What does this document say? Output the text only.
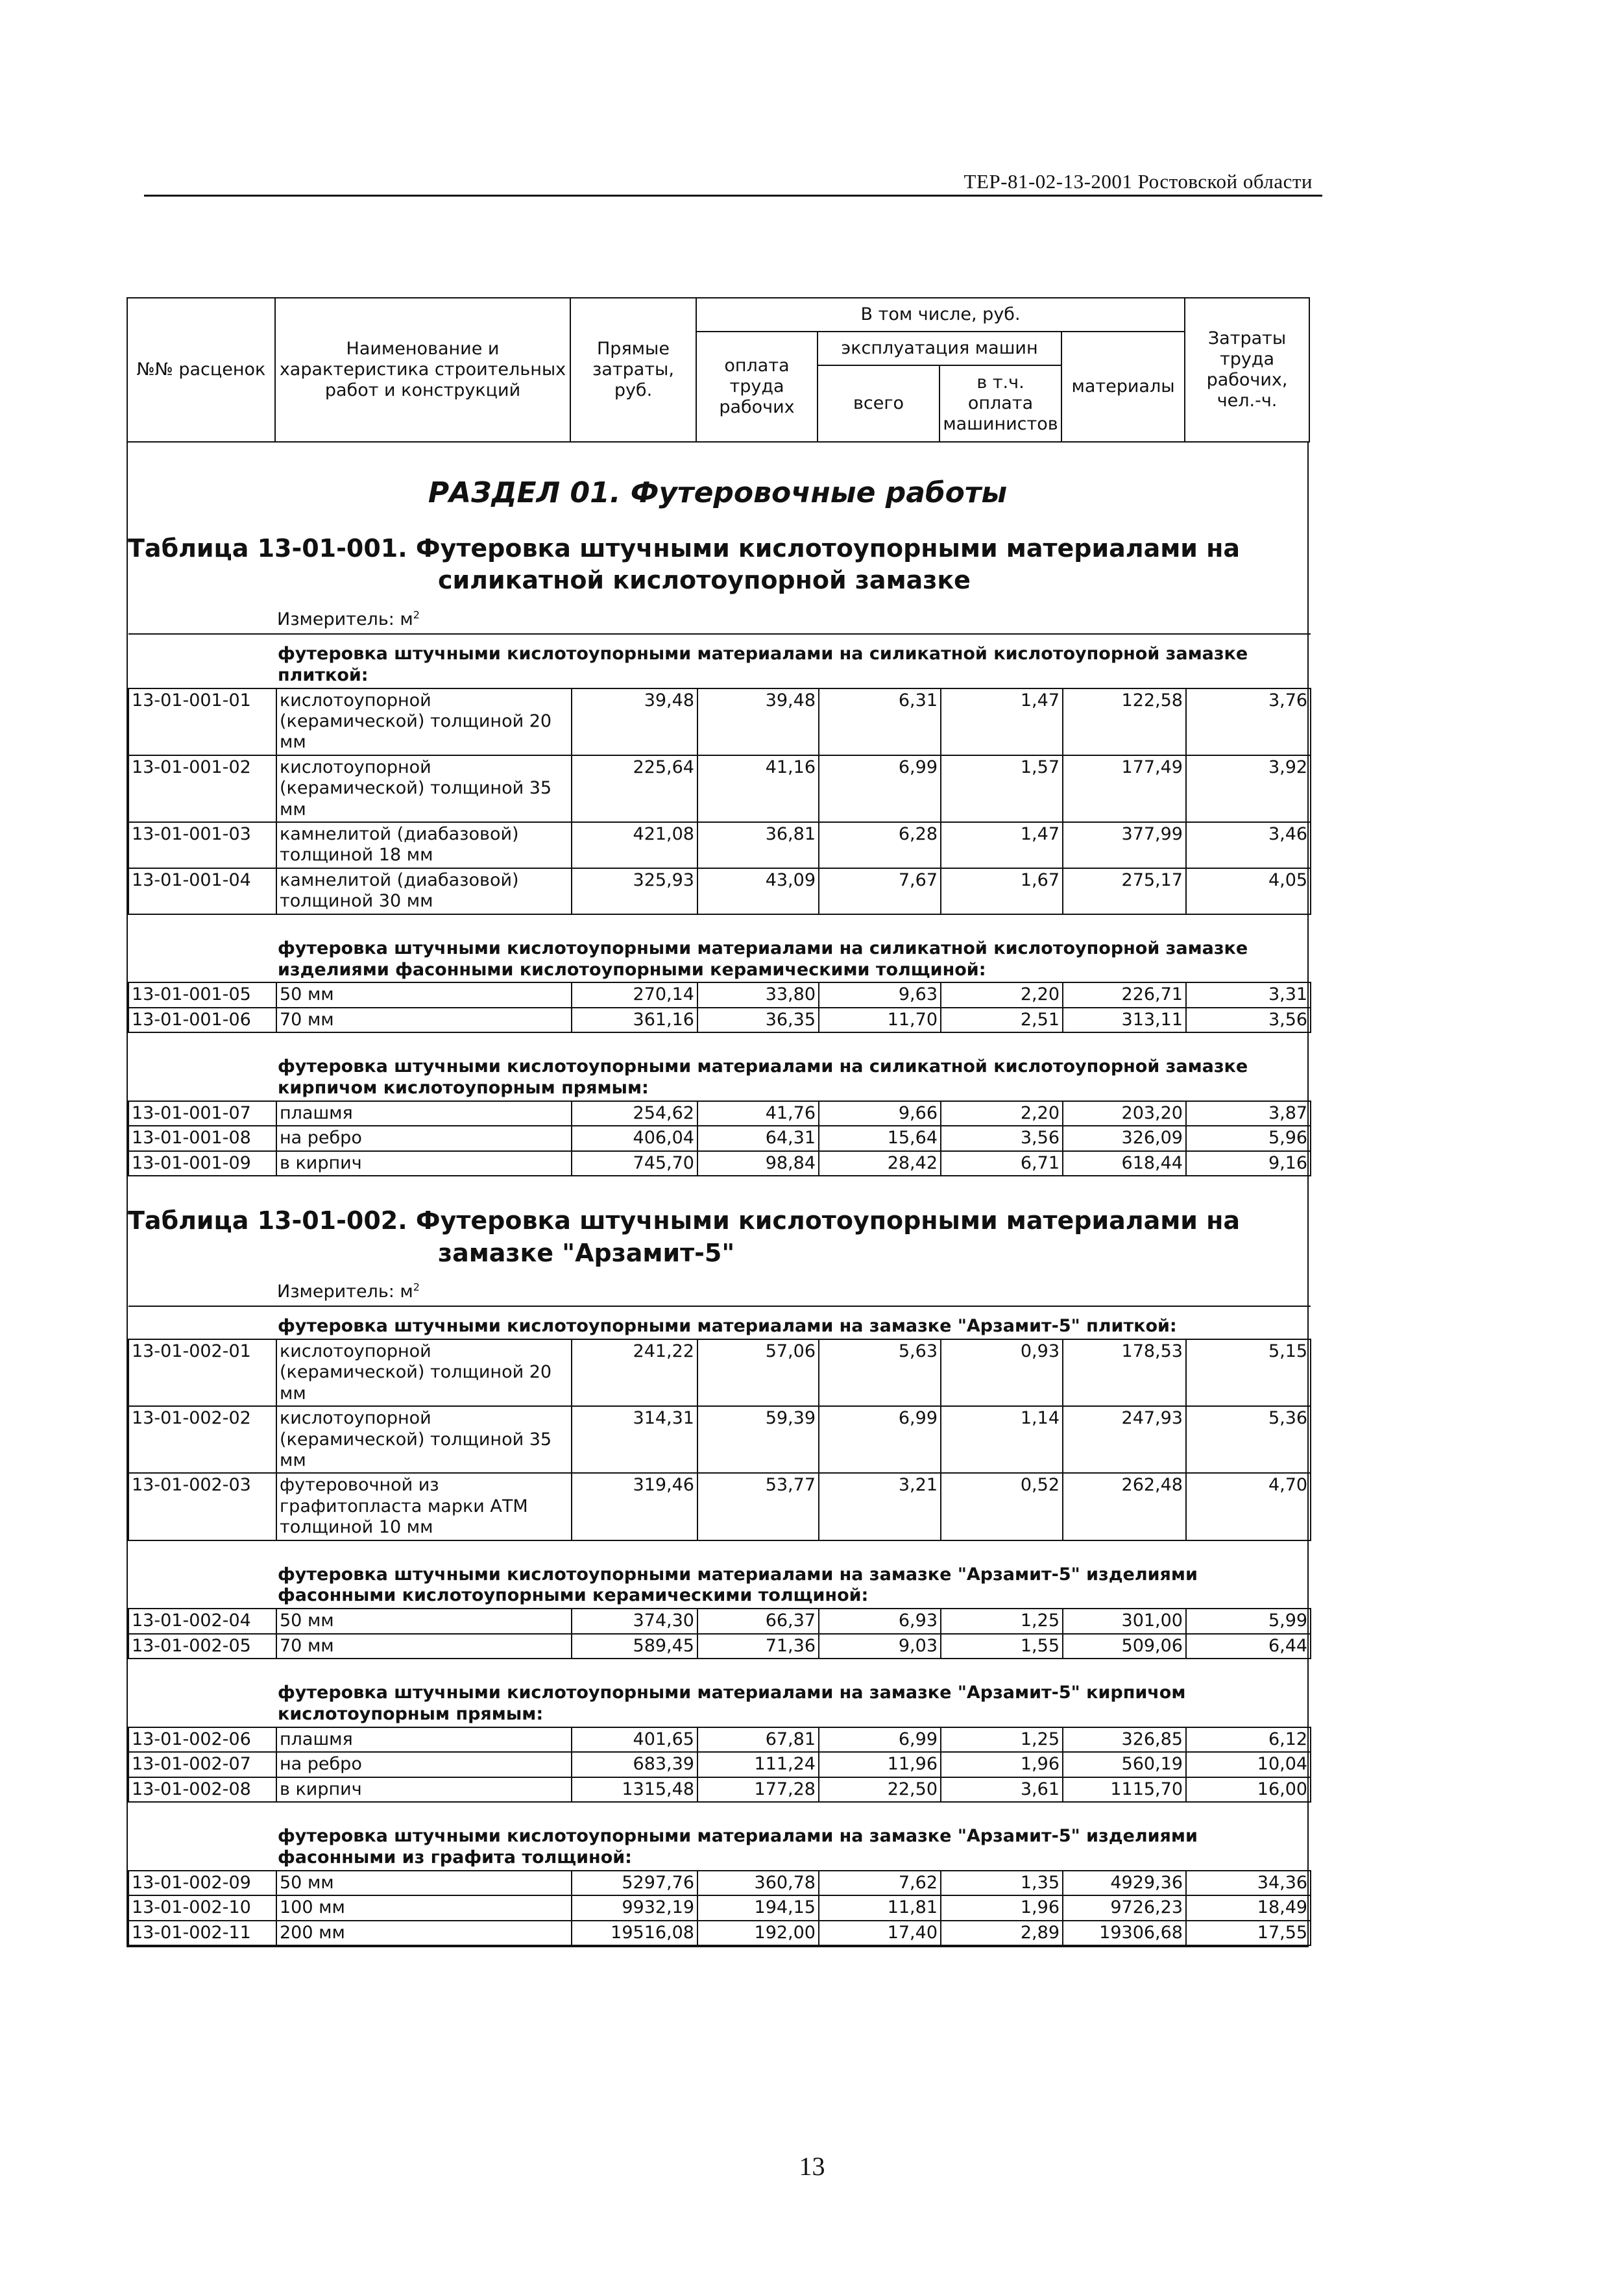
ТЕР-81-02-13-2001 Ростовской области
№№ расценок	Наименование и характеристика строительных работ и конструкций	Прямые затраты, руб.	В том числе, руб.				Затраты труда рабочих, чел.-ч.
			оплата труда рабочих	эксплуатация машин		материалы	
				всего	в т.ч. оплата машинистов		
РАЗДЕЛ 01. Футеровочные работы
Таблица 13-01-001. Футеровка штучными кислотоупорными материалами на
силикатной кислотоупорной замазке
Измеритель: $м^2$
футеровка штучными кислотоупорными материалами на силикатной кислотоупорной замазке плиткой:							
13-01-001-01	кислотоупорной (керамической) толщиной 20 мм	39,48	39,48	6,31	1,47	122,58	3,76
13-01-001-02	кислотоупорной (керамической) толщиной 35 мм	225,64	41,16	6,99	1,57	177,49	3,92
13-01-001-03	камнелитой (диабазовой) толщиной 18 мм	421,08	36,81	6,28	1,47	377,99	3,46
13-01-001-04	камнелитой (диабазовой) толщиной 30 мм	325,93	43,09	7,67	1,67	275,17	4,05
футеровка штучными кислотоупорными материалами на силикатной кислотоупорной замазке изделиями фасонными кислотоупорными керамическими толщиной:							
13-01-001-05	50 мм	270,14	33,80	9,63	2,20	226,71	3,31
13-01-001-06	70 мм	361,16	36,35	11,70	2,51	313,11	3,56
футеровка штучными кислотоупорными материалами на силикатной кислотоупорной замазке кирпичом кислотоупорным прямым:							
13-01-001-07	плашмя	254,62	41,76	9,66	2,20	203,20	3,87
13-01-001-08	на ребро	406,04	64,31	15,64	3,56	326,09	5,96
13-01-001-09	в кирпич	745,70	98,84	28,42	6,71	618,44	9,16
Таблица 13-01-002. Футеровка штучными кислотоупорными материалами на
замазке "Арзамит-5"
Измеритель: $м^2$
футеровка штучными кислотоупорными материалами на замазке "Арзамит-5" плиткой:							
13-01-002-01	кислотоупорной (керамической) толщиной 20 мм	241,22	57,06	5,63	0,93	178,53	5,15
13-01-002-02	кислотоупорной (керамической) толщиной 35 мм	314,31	59,39	6,99	1,14	247,93	5,36
13-01-002-03	футеровочной из графитопласта марки АТМ толщиной 10 мм	319,46	53,77	3,21	0,52	262,48	4,70
футеровка штучными кислотоупорными материалами на замазке "Арзамит-5" изделиями фасонными кислотоупорными керамическими толщиной:							
13-01-002-04	50 мм	374,30	66,37	6,93	1,25	301,00	5,99
13-01-002-05	70 мм	589,45	71,36	9,03	1,55	509,06	6,44
футеровка штучными кислотоупорными материалами на замазке "Арзамит-5" кирпичом кислотоупорным прямым:							
13-01-002-06	плашмя	401,65	67,81	6,99	1,25	326,85	6,12
13-01-002-07	на ребро	683,39	111,24	11,96	1,96	560,19	10,04
13-01-002-08	в кирпич	1315,48	177,28	22,50	3,61	1115,70	16,00
футеровка штучными кислотоупорными материалами на замазке "Арзамит-5" изделиями фасонными из графита толщиной:							
13-01-002-09	50 мм	5297,76	360,78	7,62	1,35	4929,36	34,36
13-01-002-10	100 мм	9932,19	194,15	11,81	1,96	9726,23	18,49
13-01-002-11	200 мм	19516,08	192,00	17,40	2,89	19306,68	17,55
13
